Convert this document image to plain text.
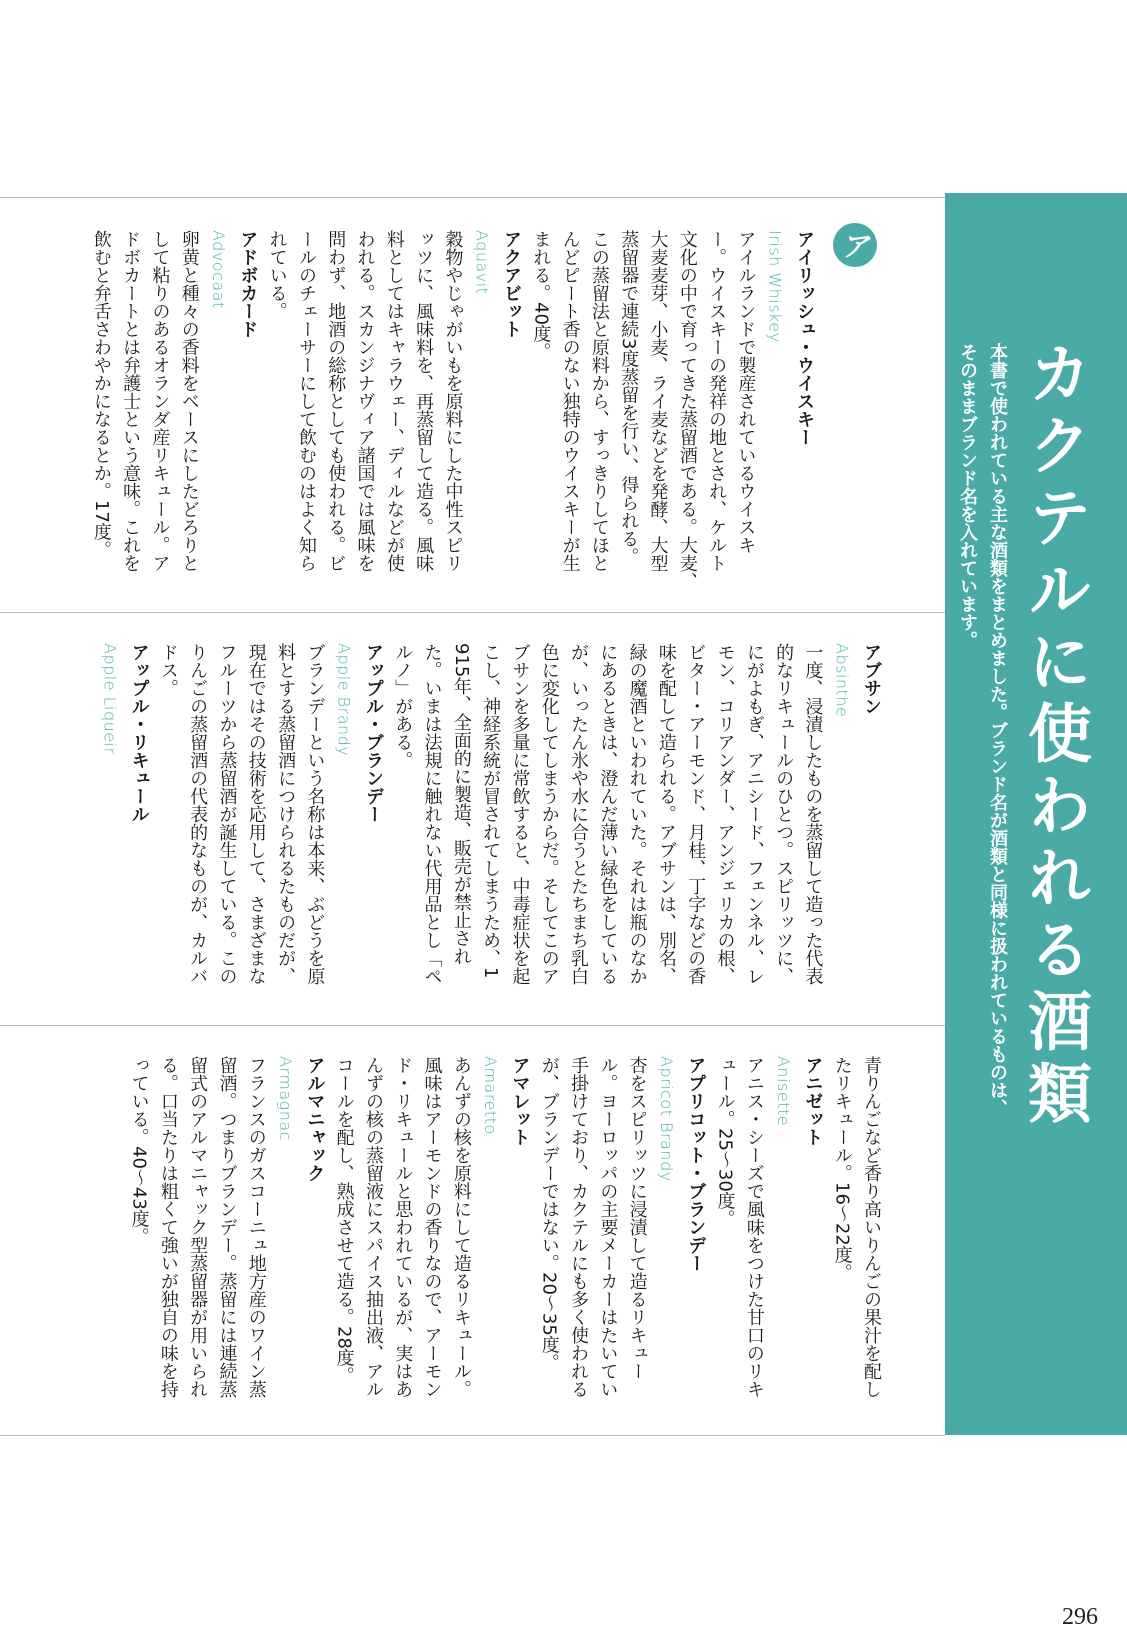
カクテルに使われる酒類
本書で使われている主な酒類をまとめました。ブランド名が酒類と同様に扱われているものは、
そのままブランド名を入れています。
ア
アイリッシュ・ウイスキー
Irish Whiskey
アイルランドで製産されているウイスキ
ー。ウイスキーの発祥の地とされ、ケルト
文化の中で育ってきた蒸留酒である。大麦、
大麦麦芽、小麦、ライ麦などを発酵、大型
蒸留器で連続3度蒸留を行い、得られる。
この蒸留法と原料から、すっきりしてほと
んどピート香のない独特のウイスキーが生
まれる。40度。
アクアビット
Aquavit
穀物やじゃがいもを原料にした中性スピリ
ッツに、風味料を、再蒸留して造る。風味
料としてはキャラウェー、ディルなどが使
われる。スカンジナヴィア諸国では風味を
問わず、地酒の総称としても使われる。ビ
ールのチェーサーにして飲むのはよく知ら
れている。
アドボカード
Advocaat
卵黄と種々の香料をベースにしたどろりと
して粘りのあるオランダ産リキュール。ア
ドボカートとは弁護士という意味。これを
飲むと弁舌さわやかになるとか。17度。
アブサン
Absinthe
一度、浸漬したものを蒸留して造った代表
的なリキュールのひとつ。スピリッツに、
にがよもぎ、アニシード、フェンネル、レ
モン、コリアンダー、アンジェリカの根、
ビター・アーモンド、月桂、丁字などの香
味を配して造られる。アブサンは、別名、
緑の魔酒といわれていた。それは瓶のなか
にあるときは、澄んだ薄い緑色をしている
が、いったん氷や水に合うとたちまち乳白
色に変化してしまうからだ。そしてこのア
ブサンを多量に常飲すると、中毒症状を起
こし、神経系統が冒されてしまうため、1
915年、全面的に製造、販売が禁止され
た。いまは法規に触れない代用品とし「ペ
ルノ」がある。
アップル・ブランデー
Apple Brandy
ブランデーという名称は本来、ぶどうを原
料とする蒸留酒につけられるたものだが、
現在ではその技術を応用して、さまざまな
フルーツから蒸留酒が誕生している。この
りんごの蒸留酒の代表的なものが、カルバ
ドス。
アップル・リキュール
Apple Liqueir
青りんごなど香り高いりんごの果汁を配し
たリキュール。16～22度。
アニゼット
Anisette
アニス・シーズで風味をつけた甘口のリキ
ュール。25～30度。
アプリコット・ブランデー
Apricot Brandy
杏をスピリッツに浸漬して造るリキュー
ル。ヨーロッパの主要メーカーはたいてい
手掛けており、カクテルにも多く使われる
が、ブランデーではない。20～35度。
アマレット
Amaretto
あんずの核を原料にして造るリキュール。
風味はアーモンドの香りなので、アーモン
ド・リキュールと思われているが、実はあ
んずの核の蒸留液にスパイス抽出液、アル
コールを配し、熟成させて造る。28度。
アルマニャック
Armagnac
フランスのガスコーニュ地方産のワイン蒸
留酒。つまりブランデー。蒸留には連続蒸
留式のアルマニャック型蒸留器が用いられ
る。口当たりは粗くて強いが独自の味を持
っている。40～43度。
296
